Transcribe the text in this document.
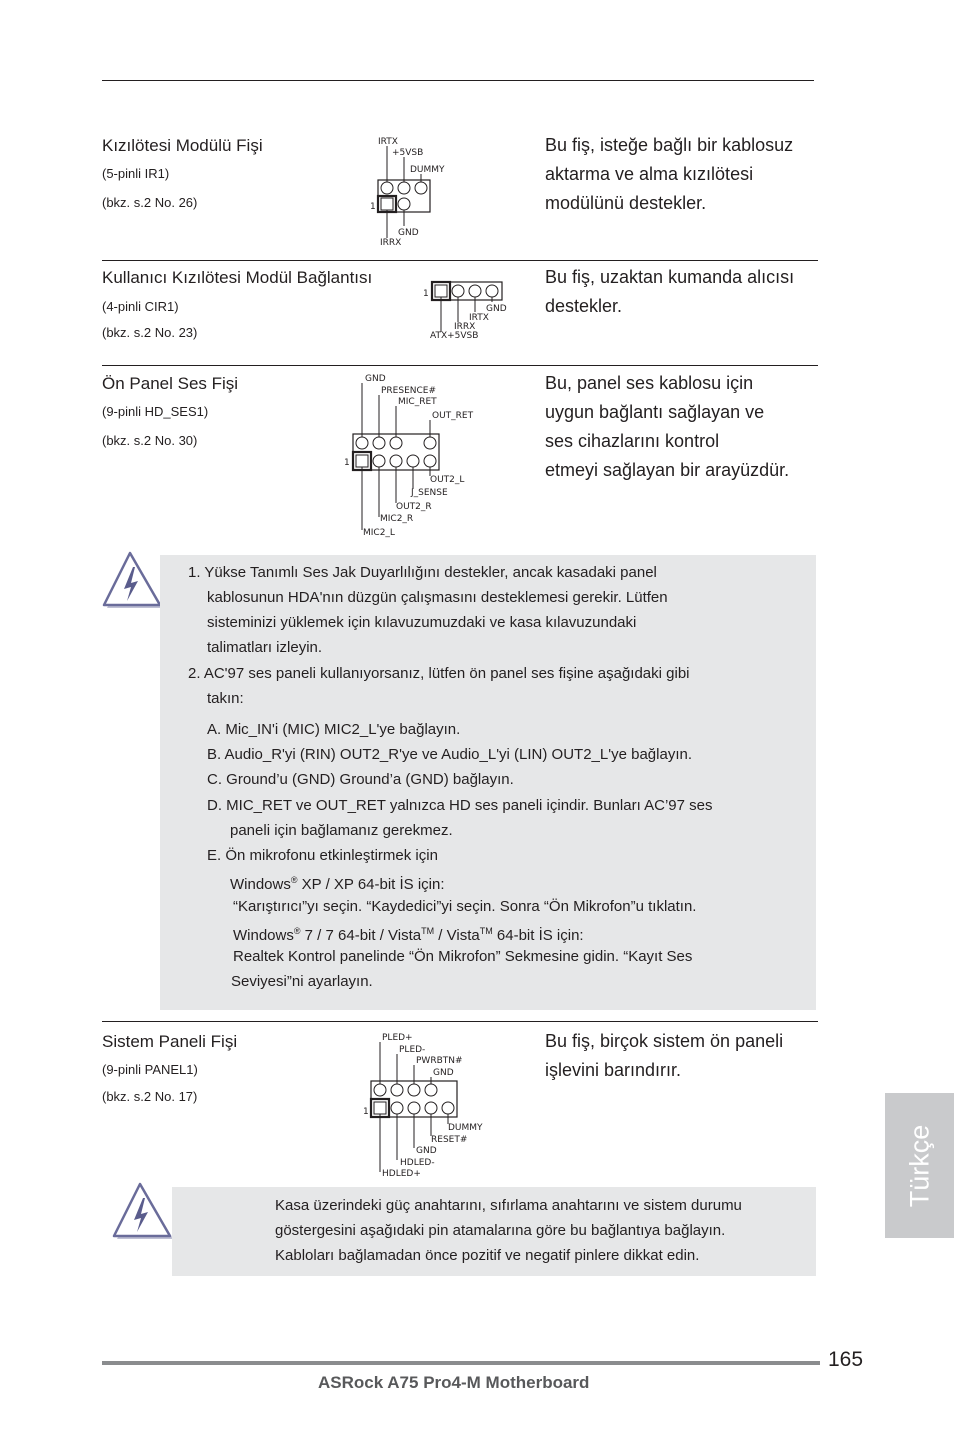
Kızılötesi Modülü Fişi
(5-pinli IR1)
(bkz. s.2 No. 26)
IRTX
+5VSB
DUMMY
1
GND
IRRX
Bu fiş, isteğe bağlı bir kablosuz
aktarma ve alma kızılötesi
modülünü destekler.
Kullanıcı Kızılötesi Modül Bağlantısı
(4-pinli CIR1)
(bkz. s.2 No. 23)
1
GND
IRTX
IRRX
ATX+5VSB
Bu fiş, uzaktan kumanda alıcısı
destekler.
Ön Panel Ses Fişi
(9-pinli HD_SES1)
(bkz. s.2 No. 30)
GND
PRESENCE#
MIC_RET
OUT_RET
1
OUT2_L
J_SENSE
OUT2_R
MIC2_R
MIC2_L
Bu, panel ses kablosu için
uygun bağlantı sağlayan ve
ses cihazlarını kontrol
etmeyi sağlayan bir arayüzdür.
1. Yükse Tanımlı Ses Jak Duyarlılığını destekler, ancak kasadaki panel
kablosunun HDA'nın düzgün çalışmasını desteklemesi gerekir. Lütfen
sisteminizi yüklemek için kılavuzumuzdaki ve kasa kılavuzundaki
talimatları izleyin.
2. AC'97 ses paneli kullanıyorsanız, lütfen ön panel ses fişine aşağıdaki gibi
takın:
A. Mic_IN'i (MIC) MIC2_L'ye bağlayın.
B. Audio_R'yi (RIN) OUT2_R'ye ve Audio_L'yi (LIN) OUT2_L'ye bağlayın.
C. Ground’u (GND) Ground’a (GND) bağlayın.
D. MIC_RET ve OUT_RET yalnızca HD ses paneli içindir. Bunları AC’97 ses
paneli için bağlamanız gerekmez.
E. Ön mikrofonu etkinleştirmek için
Windows® XP / XP 64-bit İS için:
“Karıştırıcı”yı seçin. “Kaydedici”yi seçin. Sonra “Ön Mikrofon”u tıklatın.
Windows® 7 / 7 64-bit / Vista™ / Vista™ 64-bit İS için:
Realtek Kontrol panelinde “Ön Mikrofon” Sekmesine gidin. “Kayıt Ses
Seviyesi”ni ayarlayın.
Sistem Paneli Fişi
(9-pinli PANEL1)
(bkz. s.2 No. 17)
PLED+
PLED-
PWRBTN#
GND
1
DUMMY
RESET#
GND
HDLED-
HDLED+
Bu fiş, birçok sistem ön paneli
işlevini barındırır.
Kasa üzerindeki güç anahtarını, sıfırlama anahtarını ve sistem durumu
göstergesini aşağıdaki pin atamalarına göre bu bağlantıya bağlayın.
Kabloları bağlamadan önce pozitif ve negatif pinlere dikkat edin.
Türkçe
165
ASRock A75 Pro4-M Motherboard
